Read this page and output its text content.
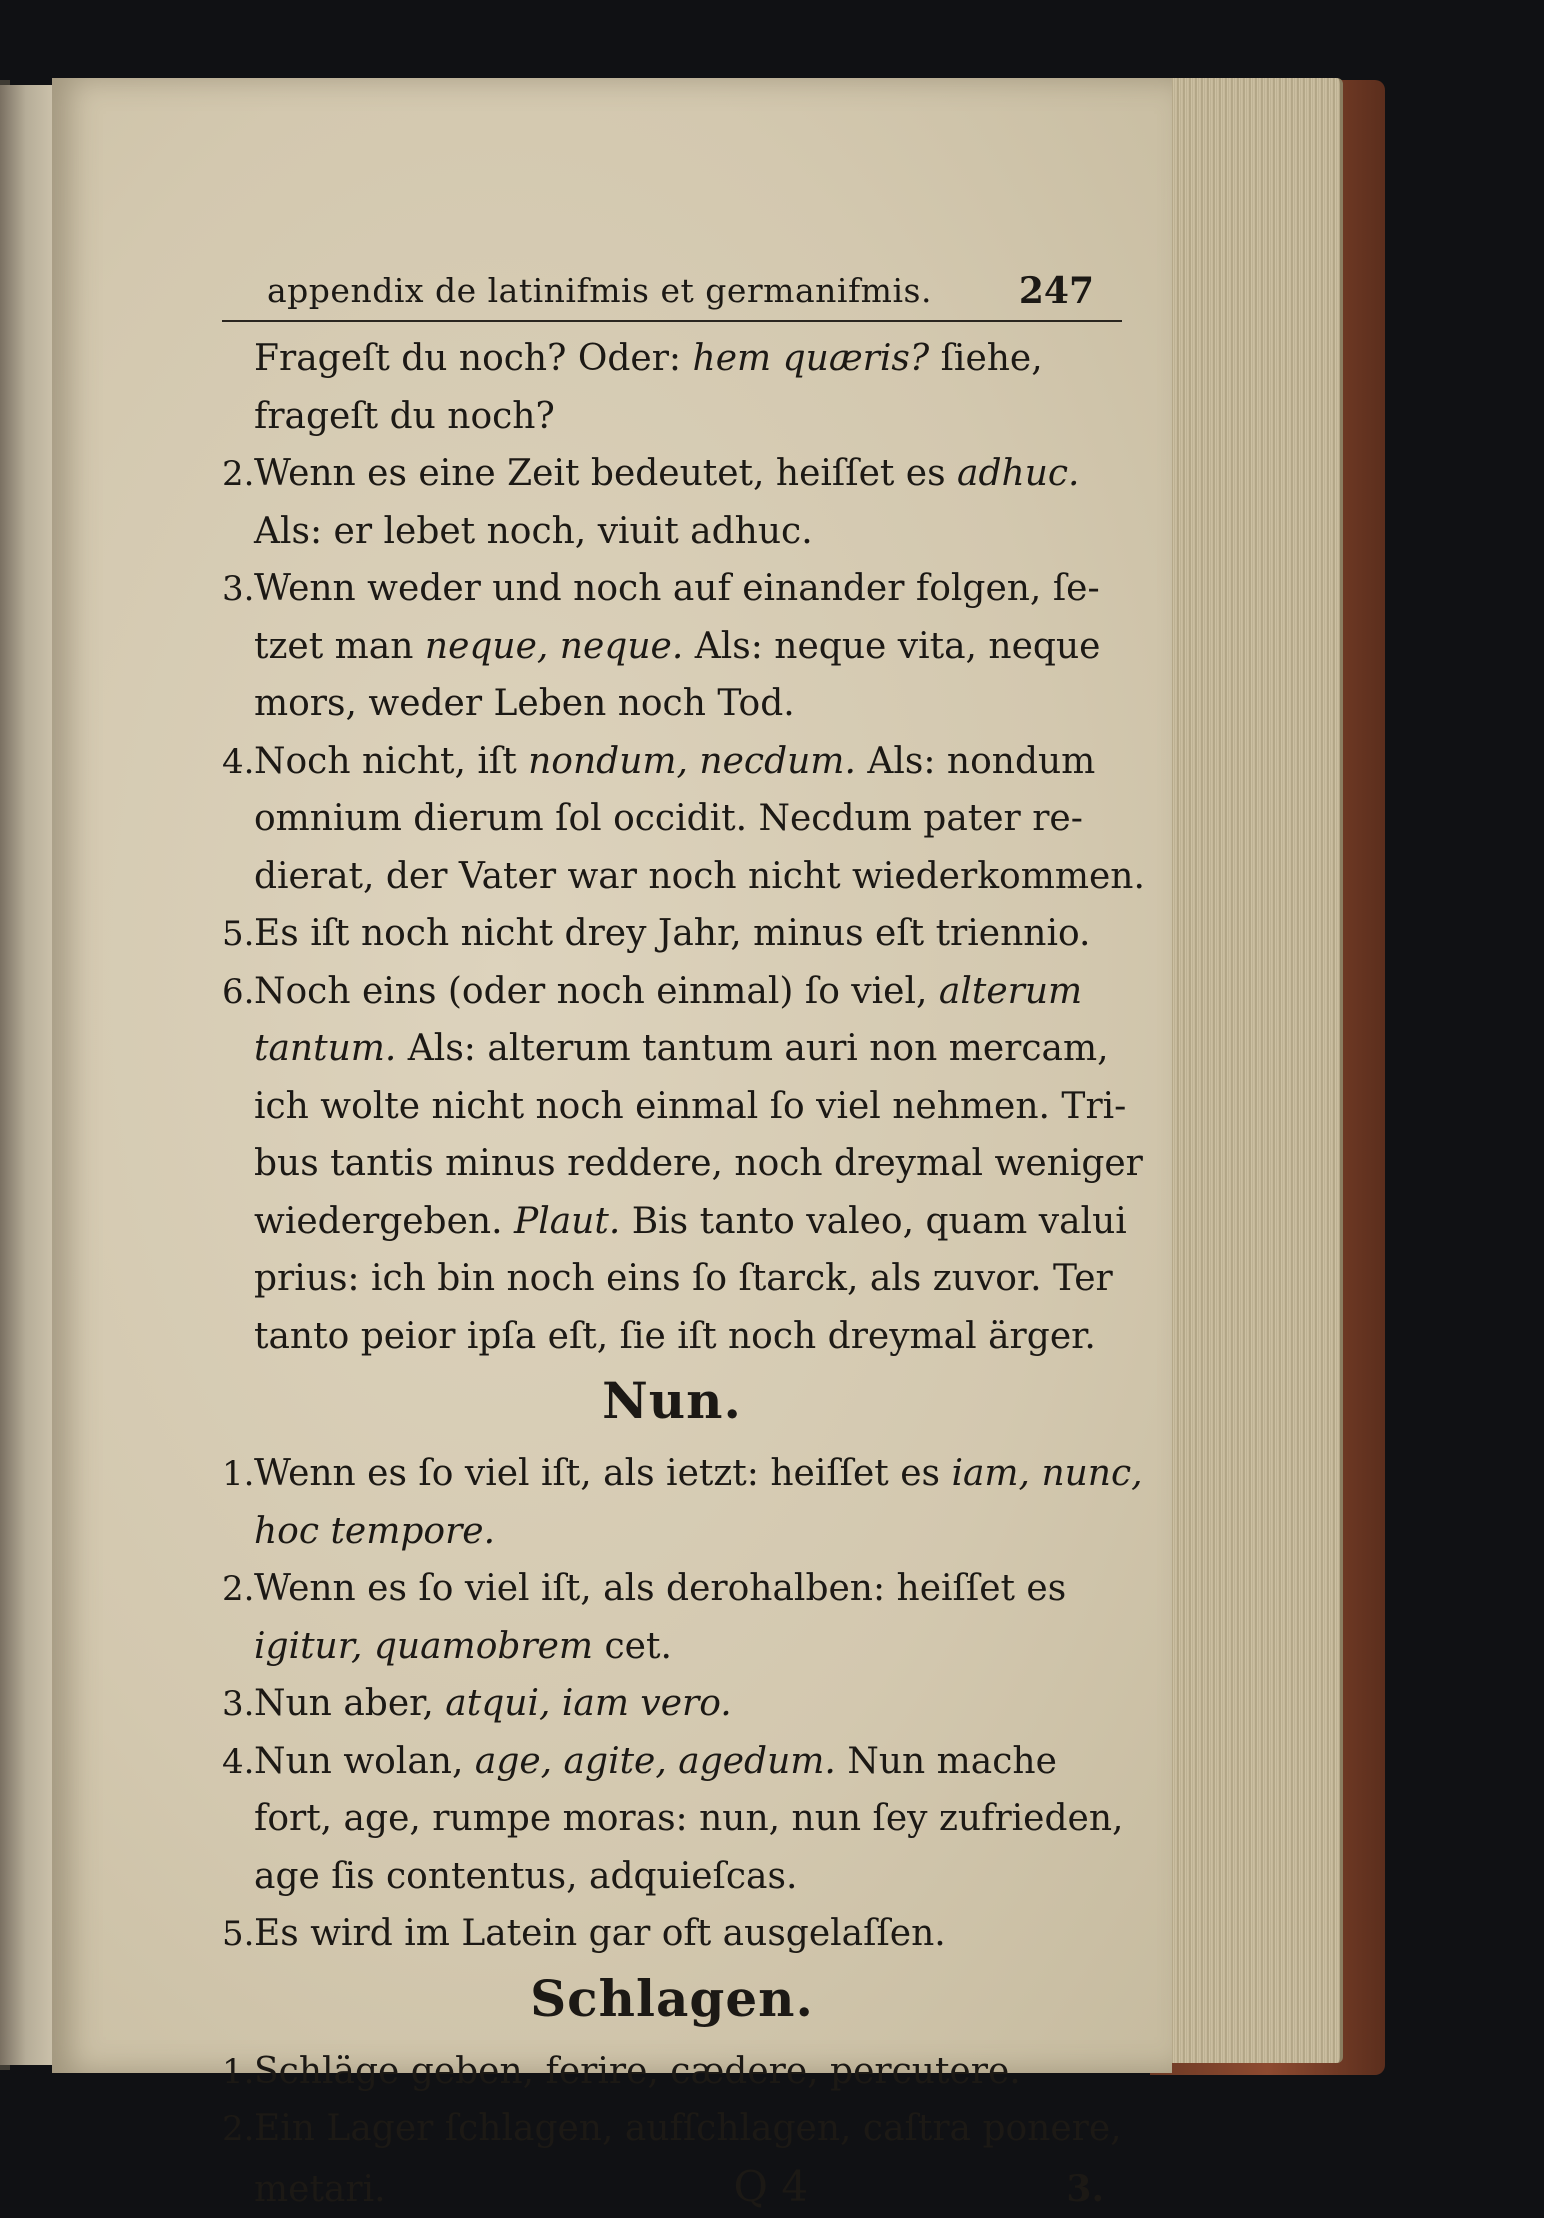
appendix de latinifmis et germanifmis. 247
Frageſt du noch? Oder: hem quæris? ſiehe,
frageſt du noch?
2. Wenn es eine Zeit bedeutet, heiſſet es adhuc.
Als: er lebet noch, viuit adhuc.
3. Wenn weder und noch auf einander folgen, ſe-
tzet man neque, neque. Als: neque vita, neque
mors, weder Leben noch Tod.
4. Noch nicht, iſt nondum, necdum. Als: nondum
omnium dierum ſol occidit. Necdum pater re-
dierat, der Vater war noch nicht wiederkommen.
5. Es iſt noch nicht drey Jahr, minus eſt triennio.
6. Noch eins (oder noch einmal) ſo viel, alterum
tantum. Als: alterum tantum auri non mercam,
ich wolte nicht noch einmal ſo viel nehmen. Tri-
bus tantis minus reddere, noch dreymal weniger
wiedergeben. Plaut. Bis tanto valeo, quam valui
prius: ich bin noch eins ſo ſtarck, als zuvor. Ter
tanto peior ipſa eſt, ſie iſt noch dreymal ärger.
Nun.
1. Wenn es ſo viel iſt, als ietzt: heiſſet es iam, nunc,
hoc tempore.
2. Wenn es ſo viel iſt, als derohalben: heiſſet es
igitur, quamobrem cet.
3. Nun aber, atqui, iam vero.
4. Nun wolan, age, agite, agedum. Nun mache
fort, age, rumpe moras: nun, nun ſey zufrieden,
age ſis contentus, adquieſcas.
5. Es wird im Latein gar oft ausgelaſſen.
Schlagen.
1. Schläge geben, ferire, cædere, percutere.
2. Ein Lager ſchlagen, aufſchlagen, caſtra ponere,
metari.	Q 4	3.
